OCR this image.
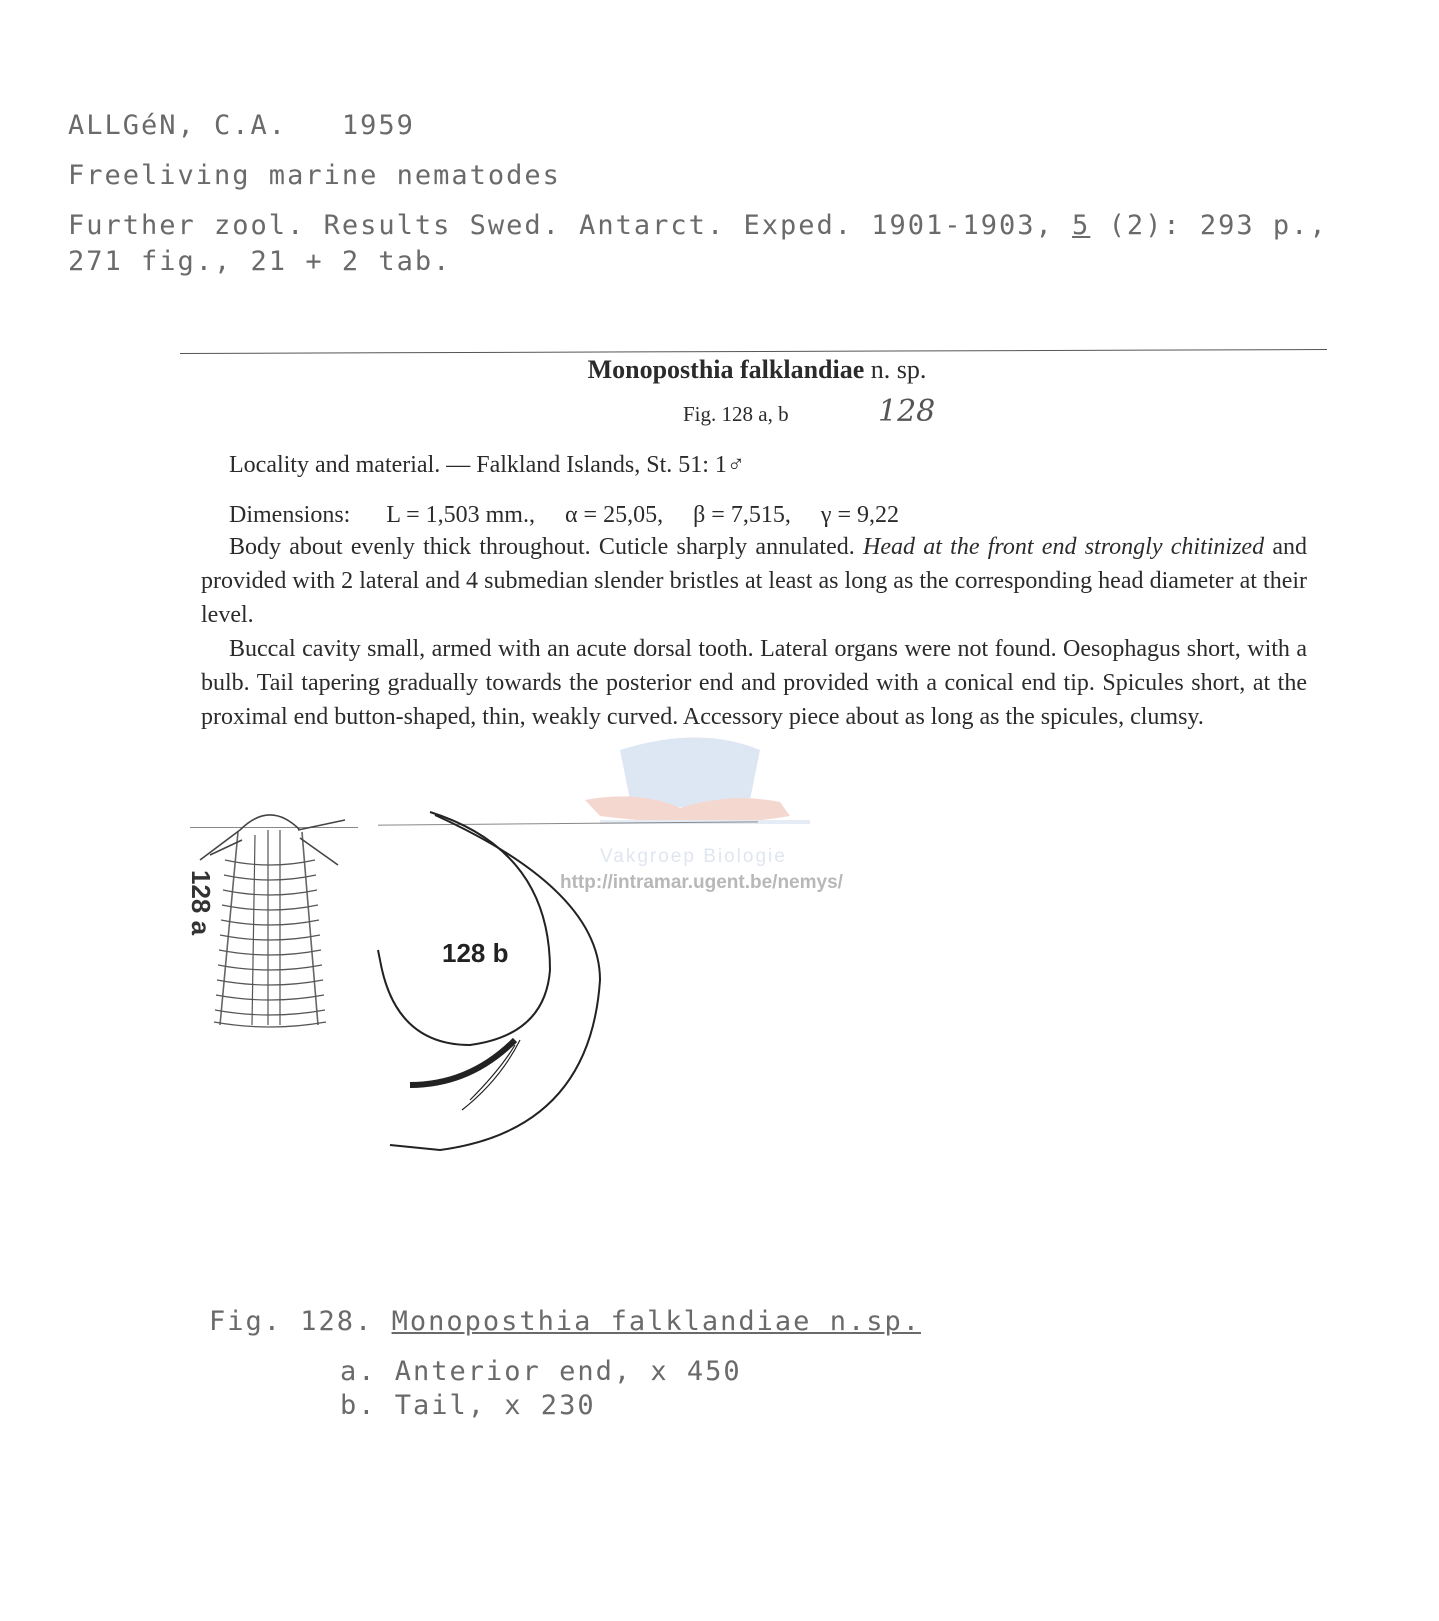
ALLGéN, C.A.   1959
Freeliving marine nematodes
Further zool. Results Swed. Antarct. Exped. 1901-1903, 5 (2): 293 p.,
271 fig., 21 + 2 tab.
Monoposthia falklandiae n. sp.
Fig. 128 a, b	128
Locality and material. — Falkland Islands, St. 51: 1♂
Dimensions:      L = 1,503 mm.,     α = 25,05,     β = 7,515,     γ = 9,22
Body about evenly thick throughout. Cuticle sharply annulated. Head at the front end strongly chitinized and provided with 2 lateral and 4 submedian slender bristles at least as long as the corresponding head diameter at their level.
Buccal cavity small, armed with an acute dorsal tooth. Lateral organs were not found. Oesophagus short, with a bulb. Tail tapering gradually towards the posterior end and provided with a conical end tip. Spicules short, at the proximal end button-shaped, thin, weakly curved. Accessory piece about as long as the spicules, clumsy.
Vakgroep Biologie
http://intramar.ugent.be/nemys/
128 a
128 b
Fig. 128. Monoposthia falklandiae n.sp.
a. Anterior end, x 450
b. Tail, x 230
